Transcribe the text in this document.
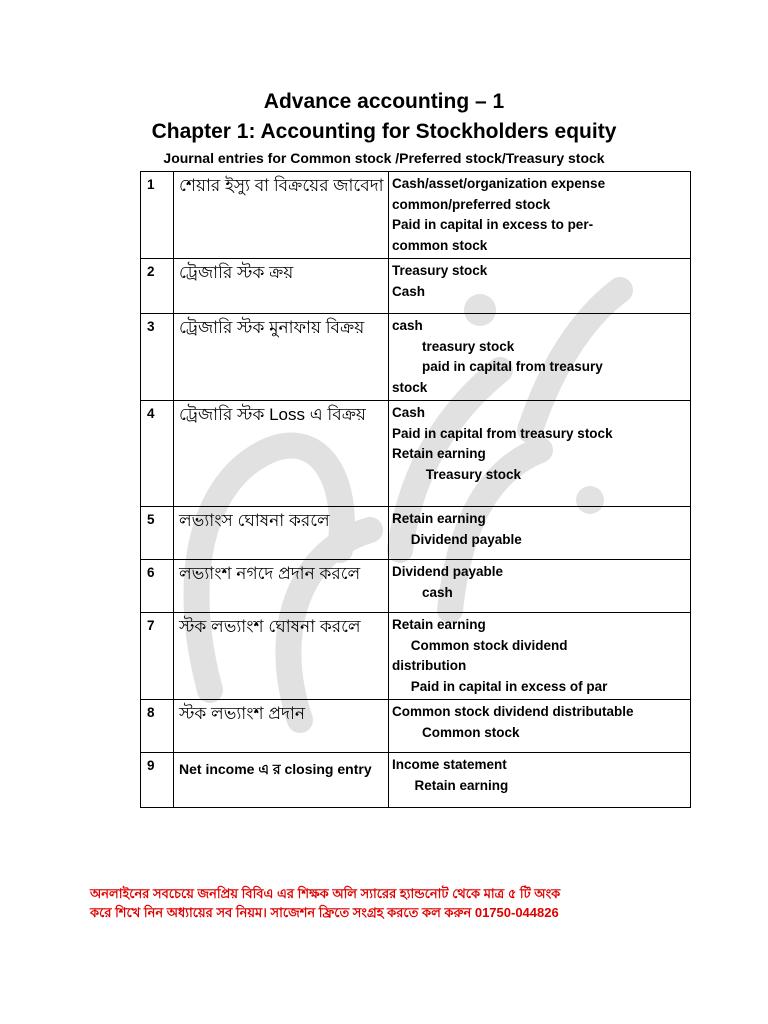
Advance accounting – 1
Chapter 1: Accounting for Stockholders equity
Journal entries for Common stock /Preferred stock/Treasury stock
1	শেয়ার ইস্যু বা বিক্রয়ের জাবেদা	Cash/asset/organization expense
common/preferred stock
Paid in capital in excess to per-
common stock

2	ট্রেজারি স্টক ক্রয়	Treasury stock
Cash

3	ট্রেজারি স্টক মুনাফায় বিক্রয়	cash
treasury stock
paid in capital from treasury
stock

4	ট্রেজারি স্টক Loss এ বিক্রয়	Cash
Paid in capital from treasury stock
Retain earning
Treasury stock

5	লভ্যাংস ঘোষনা করলে	Retain earning
Dividend payable

6	লভ্যাংশ নগদে প্রদান করলে	Dividend payable
cash

7	স্টক লভ্যাংশ ঘোষনা করলে	Retain earning
Common stock dividend
distribution
Paid in capital in excess of par

8	স্টক লভ্যাংশ প্রদান	Common stock dividend distributable
Common stock

9	Net income এ র closing entry	Income statement
Retain earning
অনলাইনের সবচেয়ে জনপ্রিয় বিবিএ এর শিক্ষক অলি স্যারের হ্যান্ডনোট থেকে মাত্র ৫ টি অংক
করে শিখে নিন অধ্যায়ের সব নিয়ম। সাজেশন ফ্রিতে সংগ্রহ করতে কল করুন 01750-044826
